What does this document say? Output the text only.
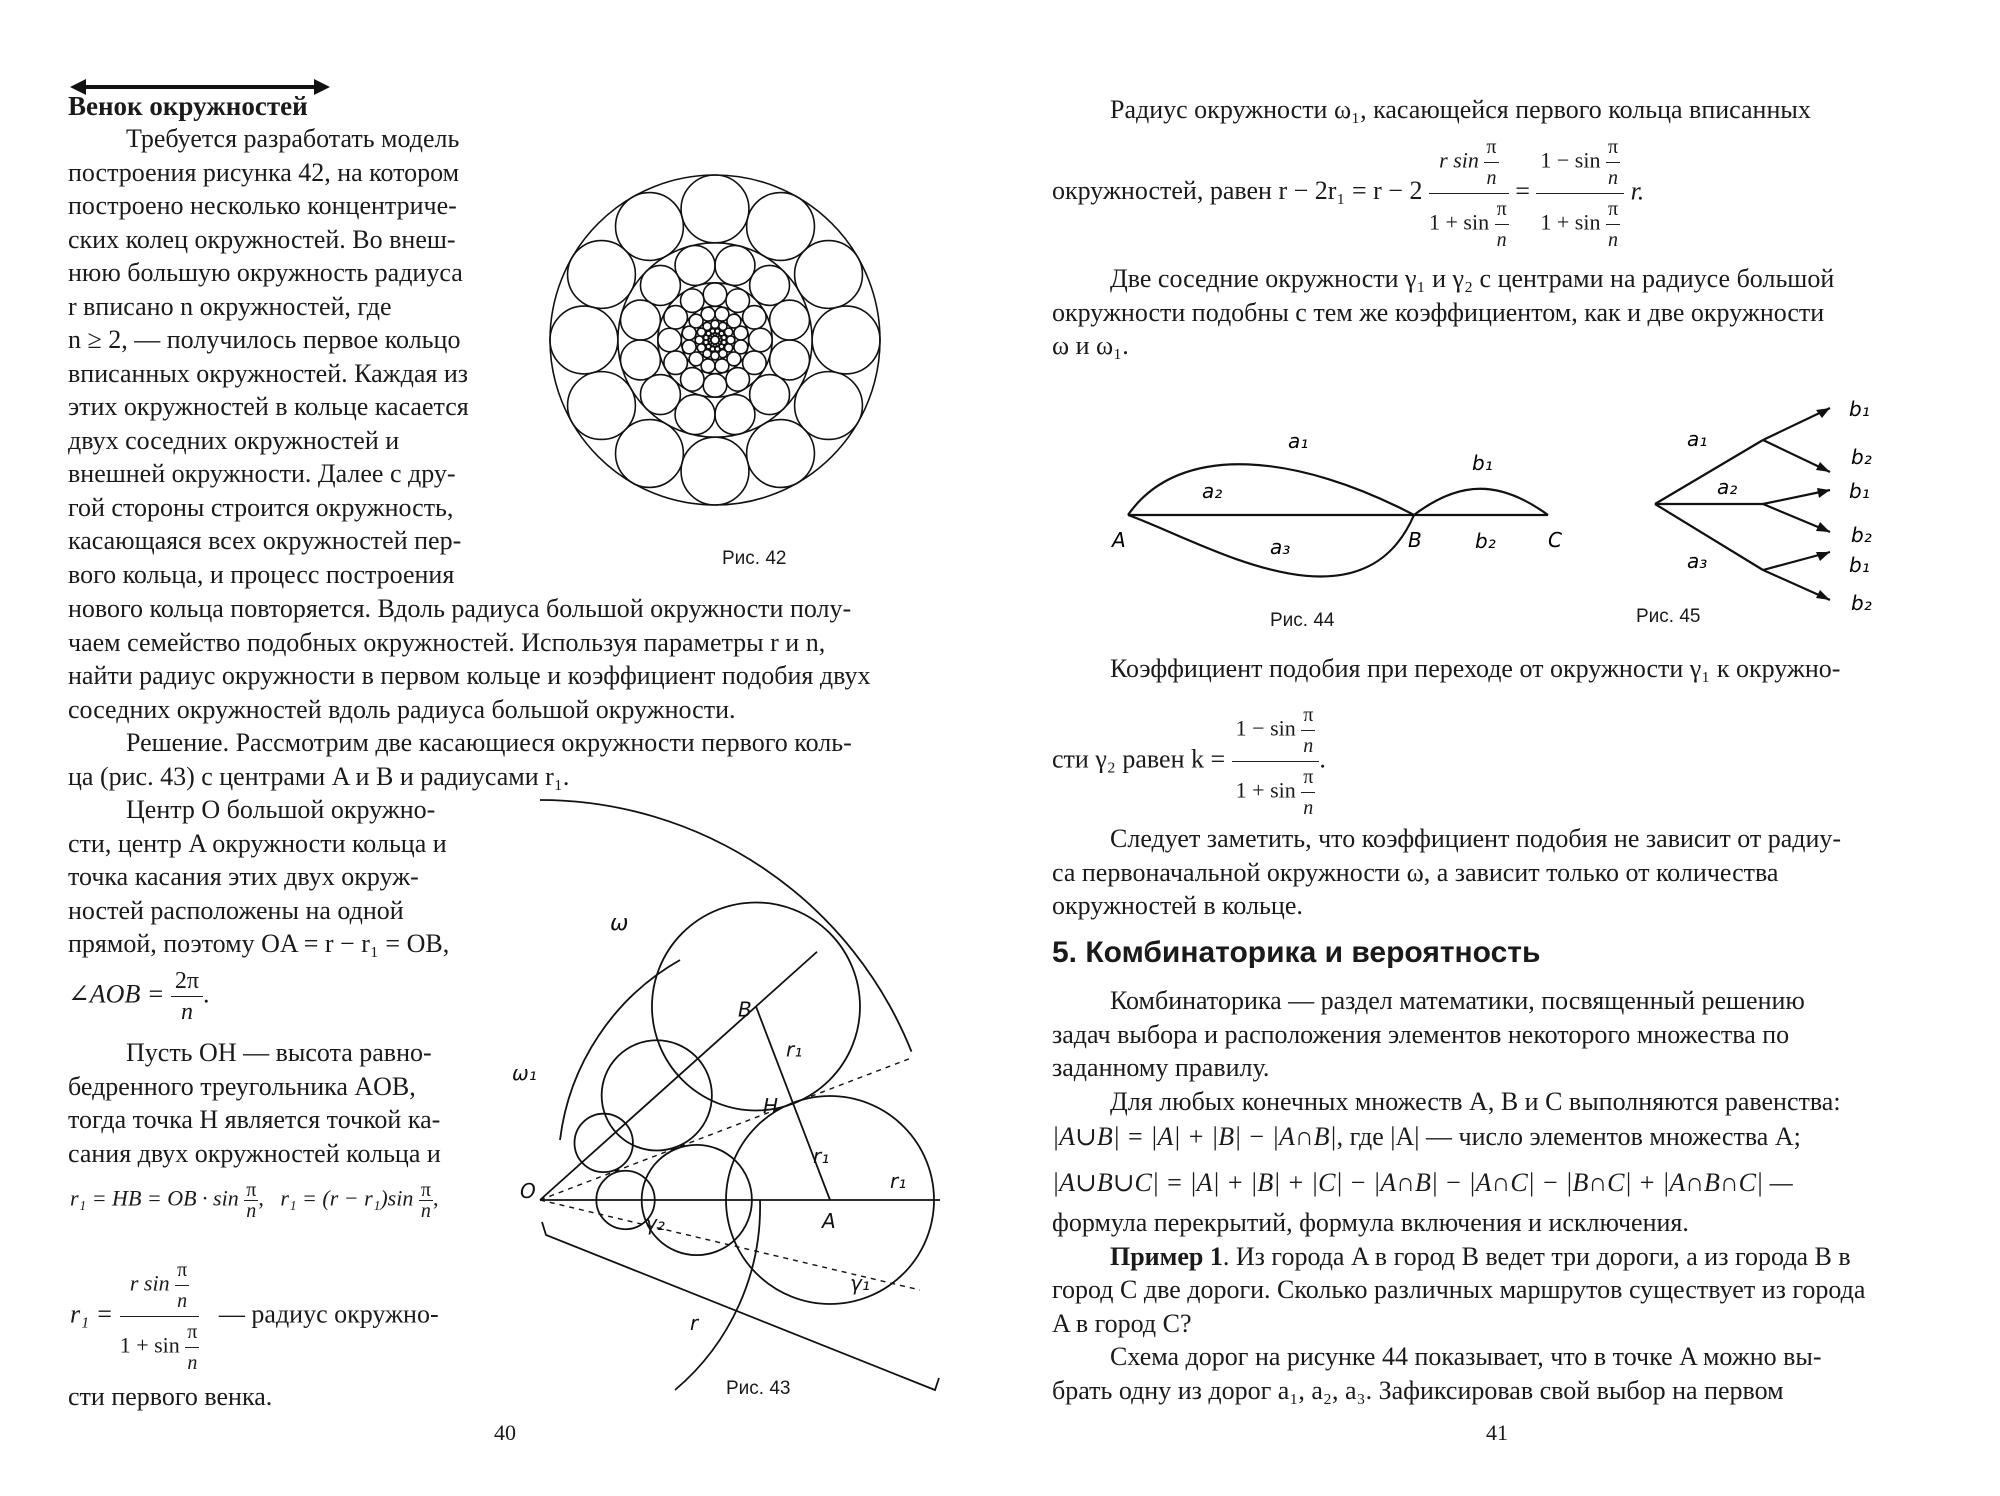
Венок окружностей
Требуется разработать модель
построения рисунка 42, на котором
построено несколько концентриче-
ских колец окружностей. Во внеш-
нюю большую окружность радиуса
r вписано n окружностей, где
n ≥ 2, — получилось первое кольцо
вписанных окружностей. Каждая из
этих окружностей в кольце касается
двух соседних окружностей и
внешней окружности. Далее с дру-
гой стороны строится окружность,
касающаяся всех окружностей пер-
вого кольца, и процесс построения
Рис. 42
нового кольца повторяется. Вдоль радиуса большой окружности полу-
чаем семейство подобных окружностей. Используя параметры r и n,
найти радиус окружности в первом кольце и коэффициент подобия двух
соседних окружностей вдоль радиуса большой окружности.
Решение. Рассмотрим две касающиеся окружности первого коль-
ца (рис. 43) с центрами A и B и радиусами r₁.
Центр O большой окружно-
сти, центр A окружности кольца и
точка касания этих двух окруж-
ностей расположены на одной
прямой, поэтому OA = r − r₁ = OB,
∠AOB = $\frac{2\pi}{n}$ .
Пусть OH — высота равно-
бедренного треугольника AOB,
тогда точка H является точкой ка-
сания двух окружностей кольца и
r₁ = HB = OB · $\sin \frac{\pi}{n}$ ,   $r_1 = (r - r_1)\sin \frac{\pi}{n}$ ,
$r_1 = \frac{r \sin \frac{\pi}{n}}{1 + \sin \frac{\pi}{n}}$ — радиус окружно-
сти первого венка.
ω
ω₁
B
H
r₁
r₁
r₁
O
A
γ₂
γ₁
r
Рис. 43
40
Радиус окружности ω₁, касающейся первого кольца вписанных
окружностей, равен $r - 2r_1 = r - 2 \frac{r \sin \frac{\pi}{n}}{1 + \sin \frac{\pi}{n}} = \frac{1 - \sin \frac{\pi}{n}}{1 + \sin \frac{\pi}{n}} r$.
Две соседние окружности γ₁ и γ₂ с центрами на радиусе большой
окружности подобны с тем же коэффициентом, как и две окружности
ω и ω₁.
a₁
a₂
a₃
b₁
b₂
A	B	C
Рис. 44
a₁
a₂
a₃
b₁
b₂
b₁
b₂
b₁
b₂
Рис. 45
Коэффициент подобия при переходе от окружности γ₁ к окружно-
сти γ₂ равен $k = \frac{1 - \sin \frac{\pi}{n}}{1 + \sin \frac{\pi}{n}}$ .
Следует заметить, что коэффициент подобия не зависит от радиу-
са первоначальной окружности ω, а зависит только от количества
окружностей в кольце.
5. Комбинаторика и вероятность
Комбинаторика — раздел математики, посвященный решению
задач выбора и расположения элементов некоторого множества по
заданному правилу.
Для любых конечных множеств A, B и C выполняются равенства:
|A∪B| = |A| + |B| − |A∩B|, где |A| — число элементов множества A;
|A∪B∪C| = |A| + |B| + |C| − |A∩B| − |A∩C| − |B∩C| + |A∩B∩C| —
формула перекрытий, формула включения и исключения.
Пример 1. Из города A в город B ведет три дороги, а из города B в
город C две дороги. Сколько различных маршрутов существует из города
A в город C?
Схема дорог на рисунке 44 показывает, что в точке A можно вы-
брать одну из дорог a₁, a₂, a₃. Зафиксировав свой выбор на первом
41
